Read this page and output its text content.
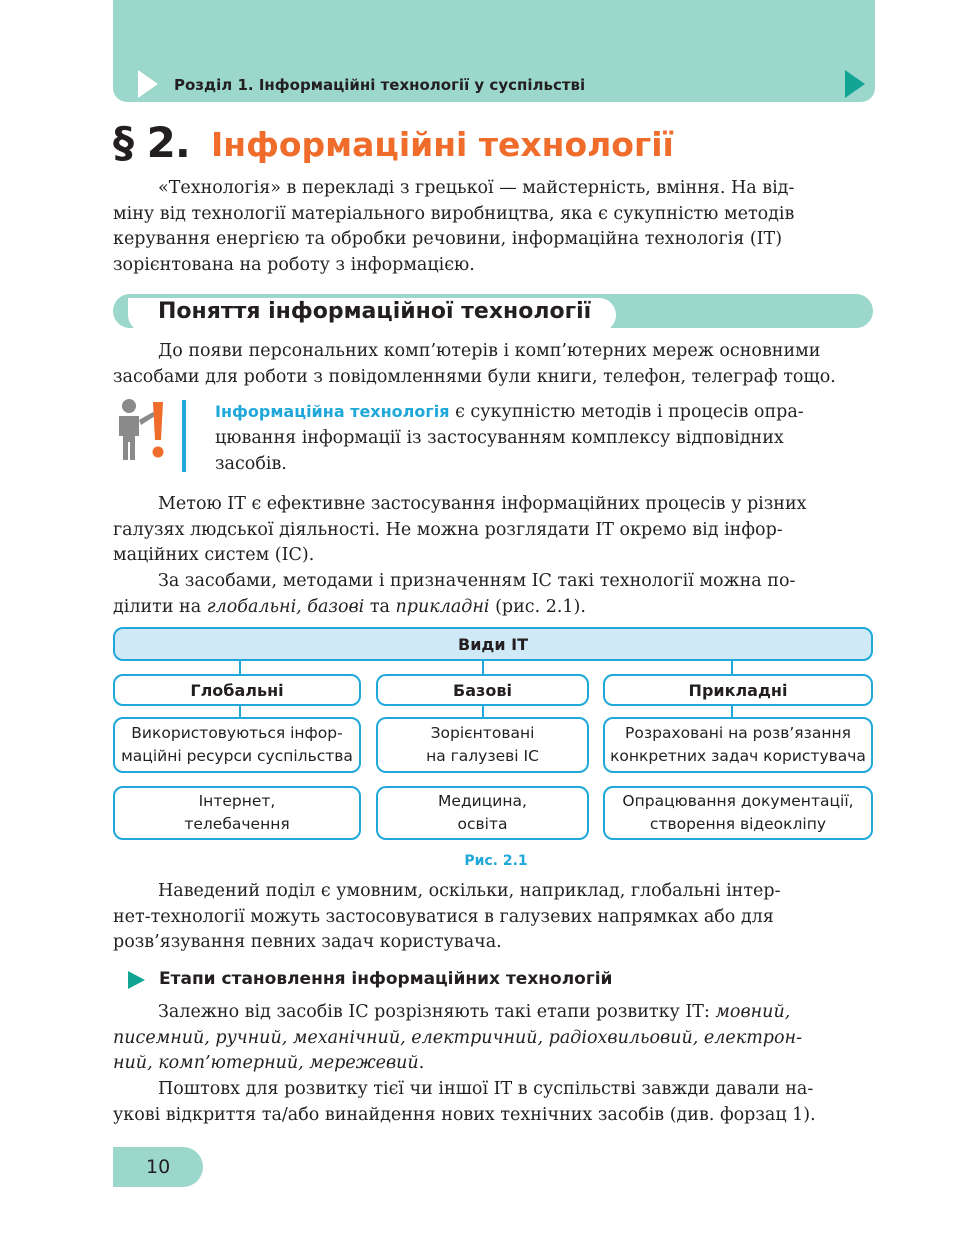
Розділ 1. Інформаційні технології у суспільстві
§ 2. Інформаційні технології
«Технологія» в перекладі з грецької — майстерність, вміння. На від-
міну від технології матеріального виробництва, яка є сукупністю методів
керування енергією та обробки речовини, інформаційна технологія (ІТ)
зорієнтована на роботу з інформацією.
Поняття інформаційної технології
До появи персональних комп’ютерів і комп’ютерних мереж основними
засобами для роботи з повідомленнями були книги, телефон, телеграф тощо.
Інформаційна технологія є сукупністю методів і процесів опра-
цювання інформації із застосуванням комплексу відповідних
засобів.
Метою ІТ є ефективне застосування інформаційних процесів у різних
галузях людської діяльності. Не можна розглядати ІТ окремо від інфор-
маційних систем (ІС).
За засобами, методами і призначенням ІС такі технології можна по-
ділити на глобальні, базові та прикладні (рис. 2.1).
Види ІТ
Глобальні
Використовуються інфор-
маційні ресурси суспільства
Інтернет,
телебачення
Базові
Зорієнтовані
на галузеві ІС
Медицина,
освіта
Прикладні
Розраховані на розв’язання
конкретних задач користувача
Опрацювання документації,
створення відеокліпу
Рис. 2.1
Наведений поділ є умовним, оскільки, наприклад, глобальні інтер-
нет-технології можуть застосовуватися в галузевих напрямках або для
розв’язування певних задач користувача.
Етапи становлення інформаційних технологій
Залежно від засобів ІС розрізняють такі етапи розвитку ІТ: мовний,
писемний, ручний, механічний, електричний, радіохвильовий, електрон-
ний, комп’ютерний, мережевий.
Поштовх для розвитку тієї чи іншої ІТ в суспільстві завжди давали на-
укові відкриття та/або винайдення нових технічних засобів (див. форзац 1).
10
